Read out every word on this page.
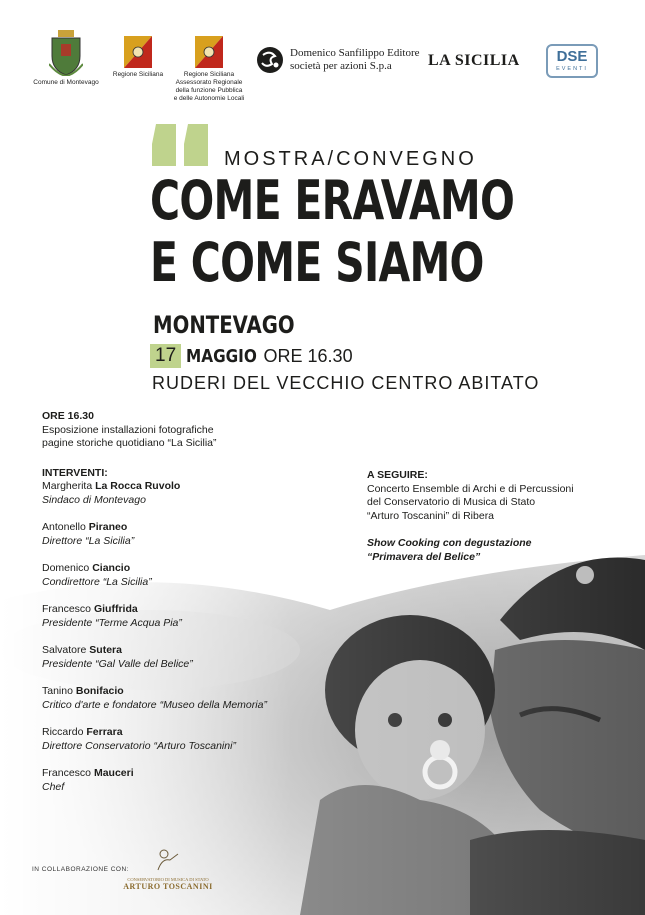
Comune di Montevago
Regione Siciliana	Regione Siciliana
Assessorato Regionale
della funzione Pubblica
e delle Autonomie Locali
Domenico Sanfilippo Editore
società per azioni S.p.a	LA SICILIA	DSE
EVENTI
MOSTRA/CONVEGNO
COME ERAVAMO
E COME SIAMO
MONTEVAGO
17 MAGGIO ORE 16.30
RUDERI DEL VECCHIO CENTRO ABITATO
ORE 16.30
Esposizione installazioni fotografiche
pagine storiche quotidiano “La Sicilia”
INTERVENTI:
Margherita La Rocca Ruvolo
Sindaco di Montevago
Antonello Piraneo
Direttore “La Sicilia”
Domenico Ciancio
Condirettore “La Sicilia”
Francesco Giuffrida
Presidente “Terme Acqua Pia”
Salvatore Sutera
Presidente “Gal Valle del Belice”
Tanino Bonifacio
Critico d'arte e fondatore “Museo della Memoria”
Riccardo Ferrara
Direttore Conservatorio “Arturo Toscanini”
Francesco Mauceri
Chef
A SEGUIRE:
Concerto Ensemble di Archi e di Percussioni
del Conservatorio di Musica di Stato
“Arturo Toscanini” di Ribera
Show Cooking con degustazione
“Primavera del Belice”
IN COLLABORAZIONE CON:
CONSERVATORIO DI MUSICA DI STATO
ARTURO TOSCANINI
